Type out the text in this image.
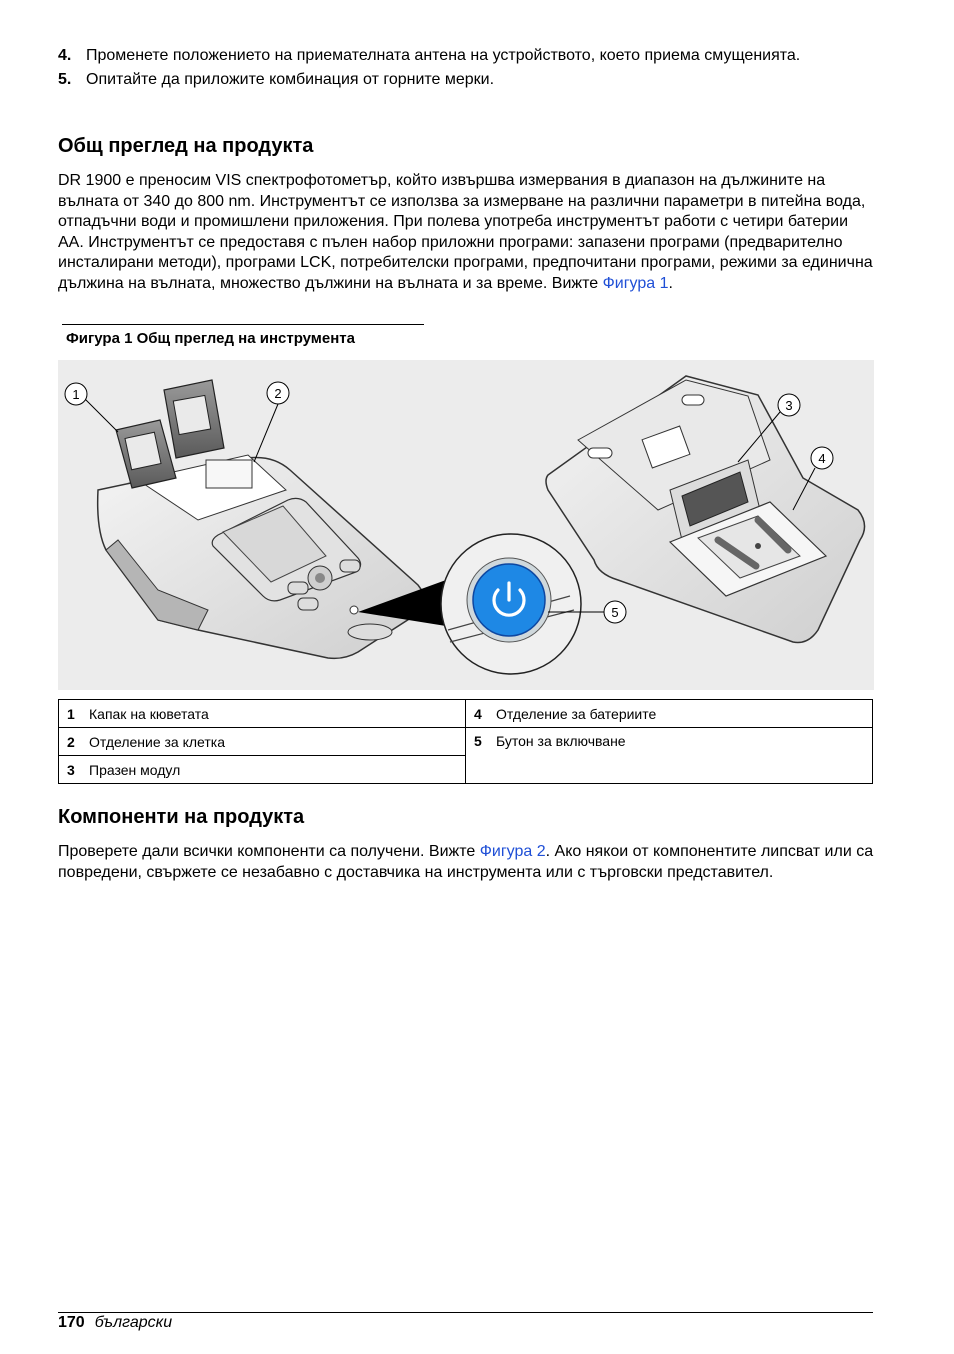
4. Променете положението на приемателната антена на устройството, което приема смущенията.
5. Опитайте да приложите комбинация от горните мерки.
Общ преглед на продукта

DR 1900 е преносим VIS спектрофотометър, който извършва измервания в диапазон на дължините на вълната от 340 до 800 nm. Инструментът се използва за измерване на различни параметри в питейна вода, отпадъчни води и промишлени приложения. При полева употреба инструментът работи с четири батерии AA. Инструментът се предоставя с пълен набор приложни програми: запазени програми (предварително инсталирани методи), програми LCK, потребителски програми, предпочитани програми, режими за единична дължина на вълната, множество дължини на вълната и за време. Вижте Фигура 1.

Фигура 1 Общ преглед на инструмента
1	2
3
4
5
1 Капак на кюветата	4 Отделение за батериите
2 Отделение за клетка	5 Бутон за включване

3 Празен модул	
Компоненти на продукта

Проверете дали всички компоненти са получени. Вижте Фигура 2. Ако някои от компонентите липсват или са повредени, свържете се незабавно с доставчика на инструмента или с търговски представител.

170 български
